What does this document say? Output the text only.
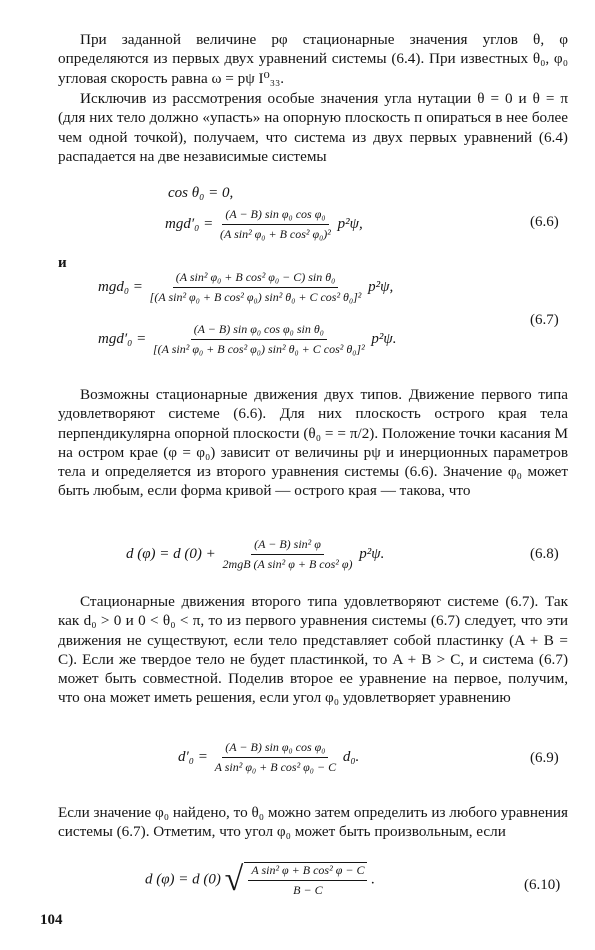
При заданной величине pφ стационарные значения углов θ, φ определяются из первых двух уравнений системы (6.4). При известных θ₀, φ₀ угловая скорость равна ω = pψ I⁰₃₃.
Исключив из рассмотрения особые значения угла нутации θ = 0 и θ = π (для них тело должно «упасть» на опорную плоскость п опираться в нее более чем одной точкой), получаем, что система из двух первых уравнений (6.4) распадается на две независимые системы
cos θ₀ = 0,
$mgd'_0 = \frac{\text{(A − B) sin φ₀ cos φ₀}}{\text{(A sin² φ₀ + B cos² φ₀)²}} p^2\psi$,	(6.6)
и
$mgd_0 = \frac{\text{(A sin² φ₀ + B cos² φ₀ − C) sin θ₀}}{\text{[(A sin² φ₀ + B cos² φ₀) sin² θ₀ + C cos² θ₀]²}} p^2\psi$,
$mgd'_0 = \frac{\text{(A − B) sin φ₀ cos φ₀ sin θ₀}}{\text{[(A sin² φ₀ + B cos² φ₀) sin² θ₀ + C cos² θ₀]²}} p^2\psi$.
(6.7)
Возможны стационарные движения двух типов. Движение первого типа удовлетворяют системе (6.6). Для них плоскость острого края тела перпендикулярна опорной плоскости (θ₀ = = π/2). Положение точки касания M на остром крае (φ = φ₀) зависит от величины pψ и инерционных параметров тела и определяется из второго уравнения системы (6.6). Значение φ₀ может быть любым, если форма кривой — острого края — такова, что
d (φ) = d $(0) + \frac{\text{(A − B) sin² φ}}{\text{2mgB (A sin² φ + B cos² φ)}} p^2\psi$.	(6.8)
Стационарные движения второго типа удовлетворяют системе (6.7). Так как d₀ > 0 и 0 < θ₀ < π, то из первого уравнения системы (6.7) следует, что эти движения не существуют, если тело представляет собой пластинку (A + B = C). Если же твердое тело не будет пластинкой, то A + B > C, и система (6.7) может быть совместной. Поделив второе ее уравнение на первое, получим, что она может иметь решения, если угол φ₀ удовлетворяет уравнению
$d'_0 = \frac{\text{(A − B) sin φ₀ cos φ₀}}{\text{A sin² φ₀ + B cos² φ₀ − C}} d_0$.	(6.9)
Если значение φ₀ найдено, то θ₀ можно затем определить из любого уравнения системы (6.7). Отметим, что угол φ₀ может быть произвольным, если
d (φ) = d (0) √ $\frac{\text{A sin² φ + B cos² φ − C}}{B - C}$ .	(6.10)
104
